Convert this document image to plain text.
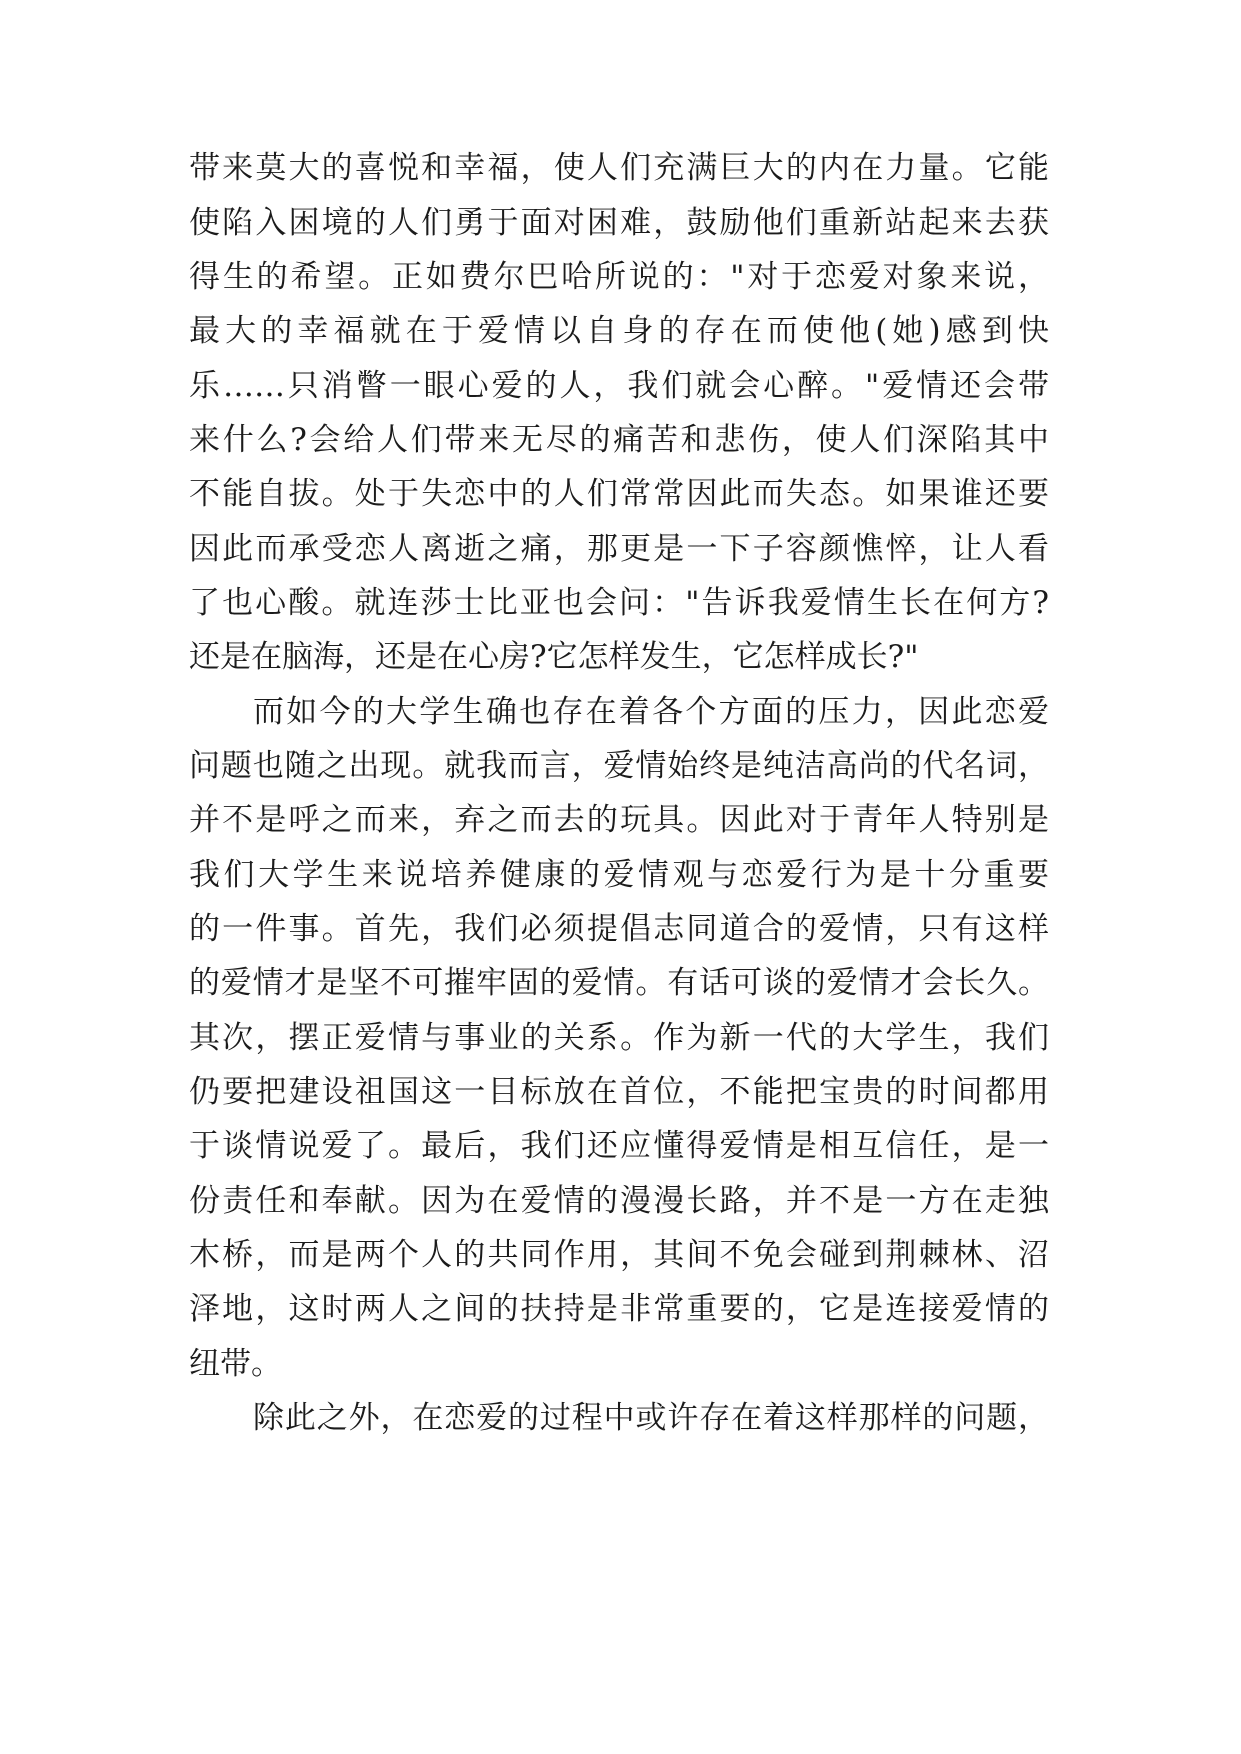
带来莫大的喜悦和幸福，使人们充满巨大的内在力量。它能
使陷入困境的人们勇于面对困难，鼓励他们重新站起来去获
得生的希望。正如费尔巴哈所说的："对于恋爱对象来说，
最大的幸福就在于爱情以自身的存在而使他(她)感到快
乐……只消瞥一眼心爱的人，我们就会心醉。"爱情还会带
来什么?会给人们带来无尽的痛苦和悲伤，使人们深陷其中
不能自拔。处于失恋中的人们常常因此而失态。如果谁还要
因此而承受恋人离逝之痛，那更是一下子容颜憔悴，让人看
了也心酸。就连莎士比亚也会问："告诉我爱情生长在何方?
还是在脑海，还是在心房?它怎样发生，它怎样成长?"
而如今的大学生确也存在着各个方面的压力，因此恋爱
问题也随之出现。就我而言，爱情始终是纯洁高尚的代名词，
并不是呼之而来，弃之而去的玩具。因此对于青年人特别是
我们大学生来说培养健康的爱情观与恋爱行为是十分重要
的一件事。首先，我们必须提倡志同道合的爱情，只有这样
的爱情才是坚不可摧牢固的爱情。有话可谈的爱情才会长久。
其次，摆正爱情与事业的关系。作为新一代的大学生，我们
仍要把建设祖国这一目标放在首位，不能把宝贵的时间都用
于谈情说爱了。最后，我们还应懂得爱情是相互信任，是一
份责任和奉献。因为在爱情的漫漫长路，并不是一方在走独
木桥，而是两个人的共同作用，其间不免会碰到荆棘林、沼
泽地，这时两人之间的扶持是非常重要的，它是连接爱情的
纽带。
除此之外，在恋爱的过程中或许存在着这样那样的问题，
